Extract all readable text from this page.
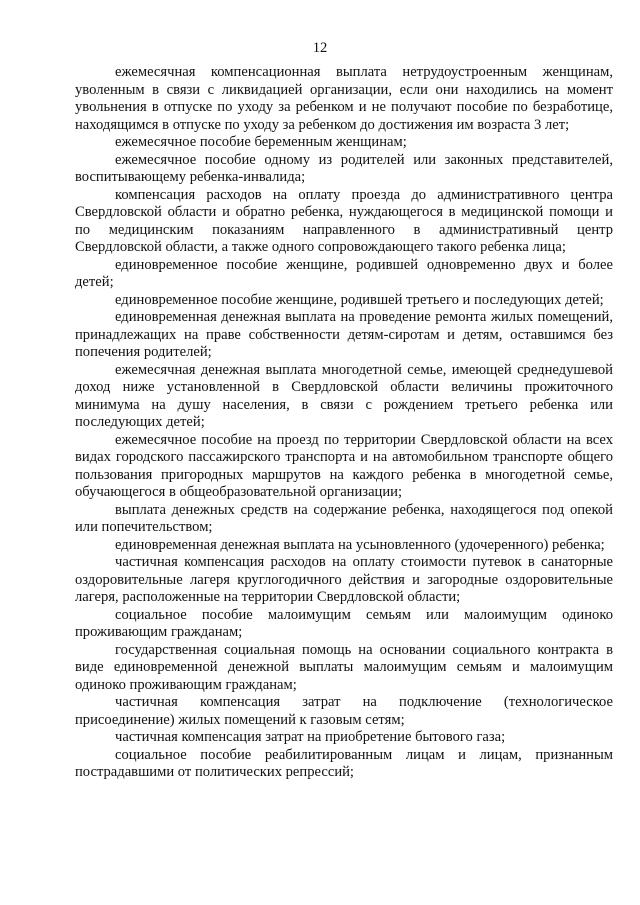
12

ежемесячная компенсационная выплата нетрудоустроенным женщинам, уволенным в связи с ликвидацией организации, если они находились на момент увольнения в отпуске по уходу за ребенком и не получают пособие по безработице, находящимся в отпуске по уходу за ребенком до достижения им возраста 3 лет;

ежемесячное пособие беременным женщинам;

ежемесячное пособие одному из родителей или законных представителей, воспитывающему ребенка-инвалида;

компенсация расходов на оплату проезда до административного центра Свердловской области и обратно ребенка, нуждающегося в медицинской помощи и по медицинским показаниям направленного в административный центр Свердловской области, а также одного сопровождающего такого ребенка лица;

единовременное пособие женщине, родившей одновременно двух и более детей;

единовременное пособие женщине, родившей третьего и последующих детей;

единовременная денежная выплата на проведение ремонта жилых помещений, принадлежащих на праве собственности детям-сиротам и детям, оставшимся без попечения родителей;

ежемесячная денежная выплата многодетной семье, имеющей среднедушевой доход ниже установленной в Свердловской области величины прожиточного минимума на душу населения, в связи с рождением третьего ребенка или последующих детей;

ежемесячное пособие на проезд по территории Свердловской области на всех видах городского пассажирского транспорта и на автомобильном транспорте общего пользования пригородных маршрутов на каждого ребенка в многодетной семье, обучающегося в общеобразовательной организации;

выплата денежных средств на содержание ребенка, находящегося под опекой или попечительством;

единовременная денежная выплата на усыновленного (удочеренного) ребенка;

частичная компенсация расходов на оплату стоимости путевок в санаторные оздоровительные лагеря круглогодичного действия и загородные оздоровительные лагеря, расположенные на территории Свердловской области;

социальное пособие малоимущим семьям или малоимущим одиноко проживающим гражданам;

государственная социальная помощь на основании социального контракта в виде единовременной денежной выплаты малоимущим семьям и малоимущим одиноко проживающим гражданам;

частичная компенсация затрат на подключение (технологическое присоединение) жилых помещений к газовым сетям;

частичная компенсация затрат на приобретение бытового газа;

социальное пособие реабилитированным лицам и лицам, признанным пострадавшими от политических репрессий;
